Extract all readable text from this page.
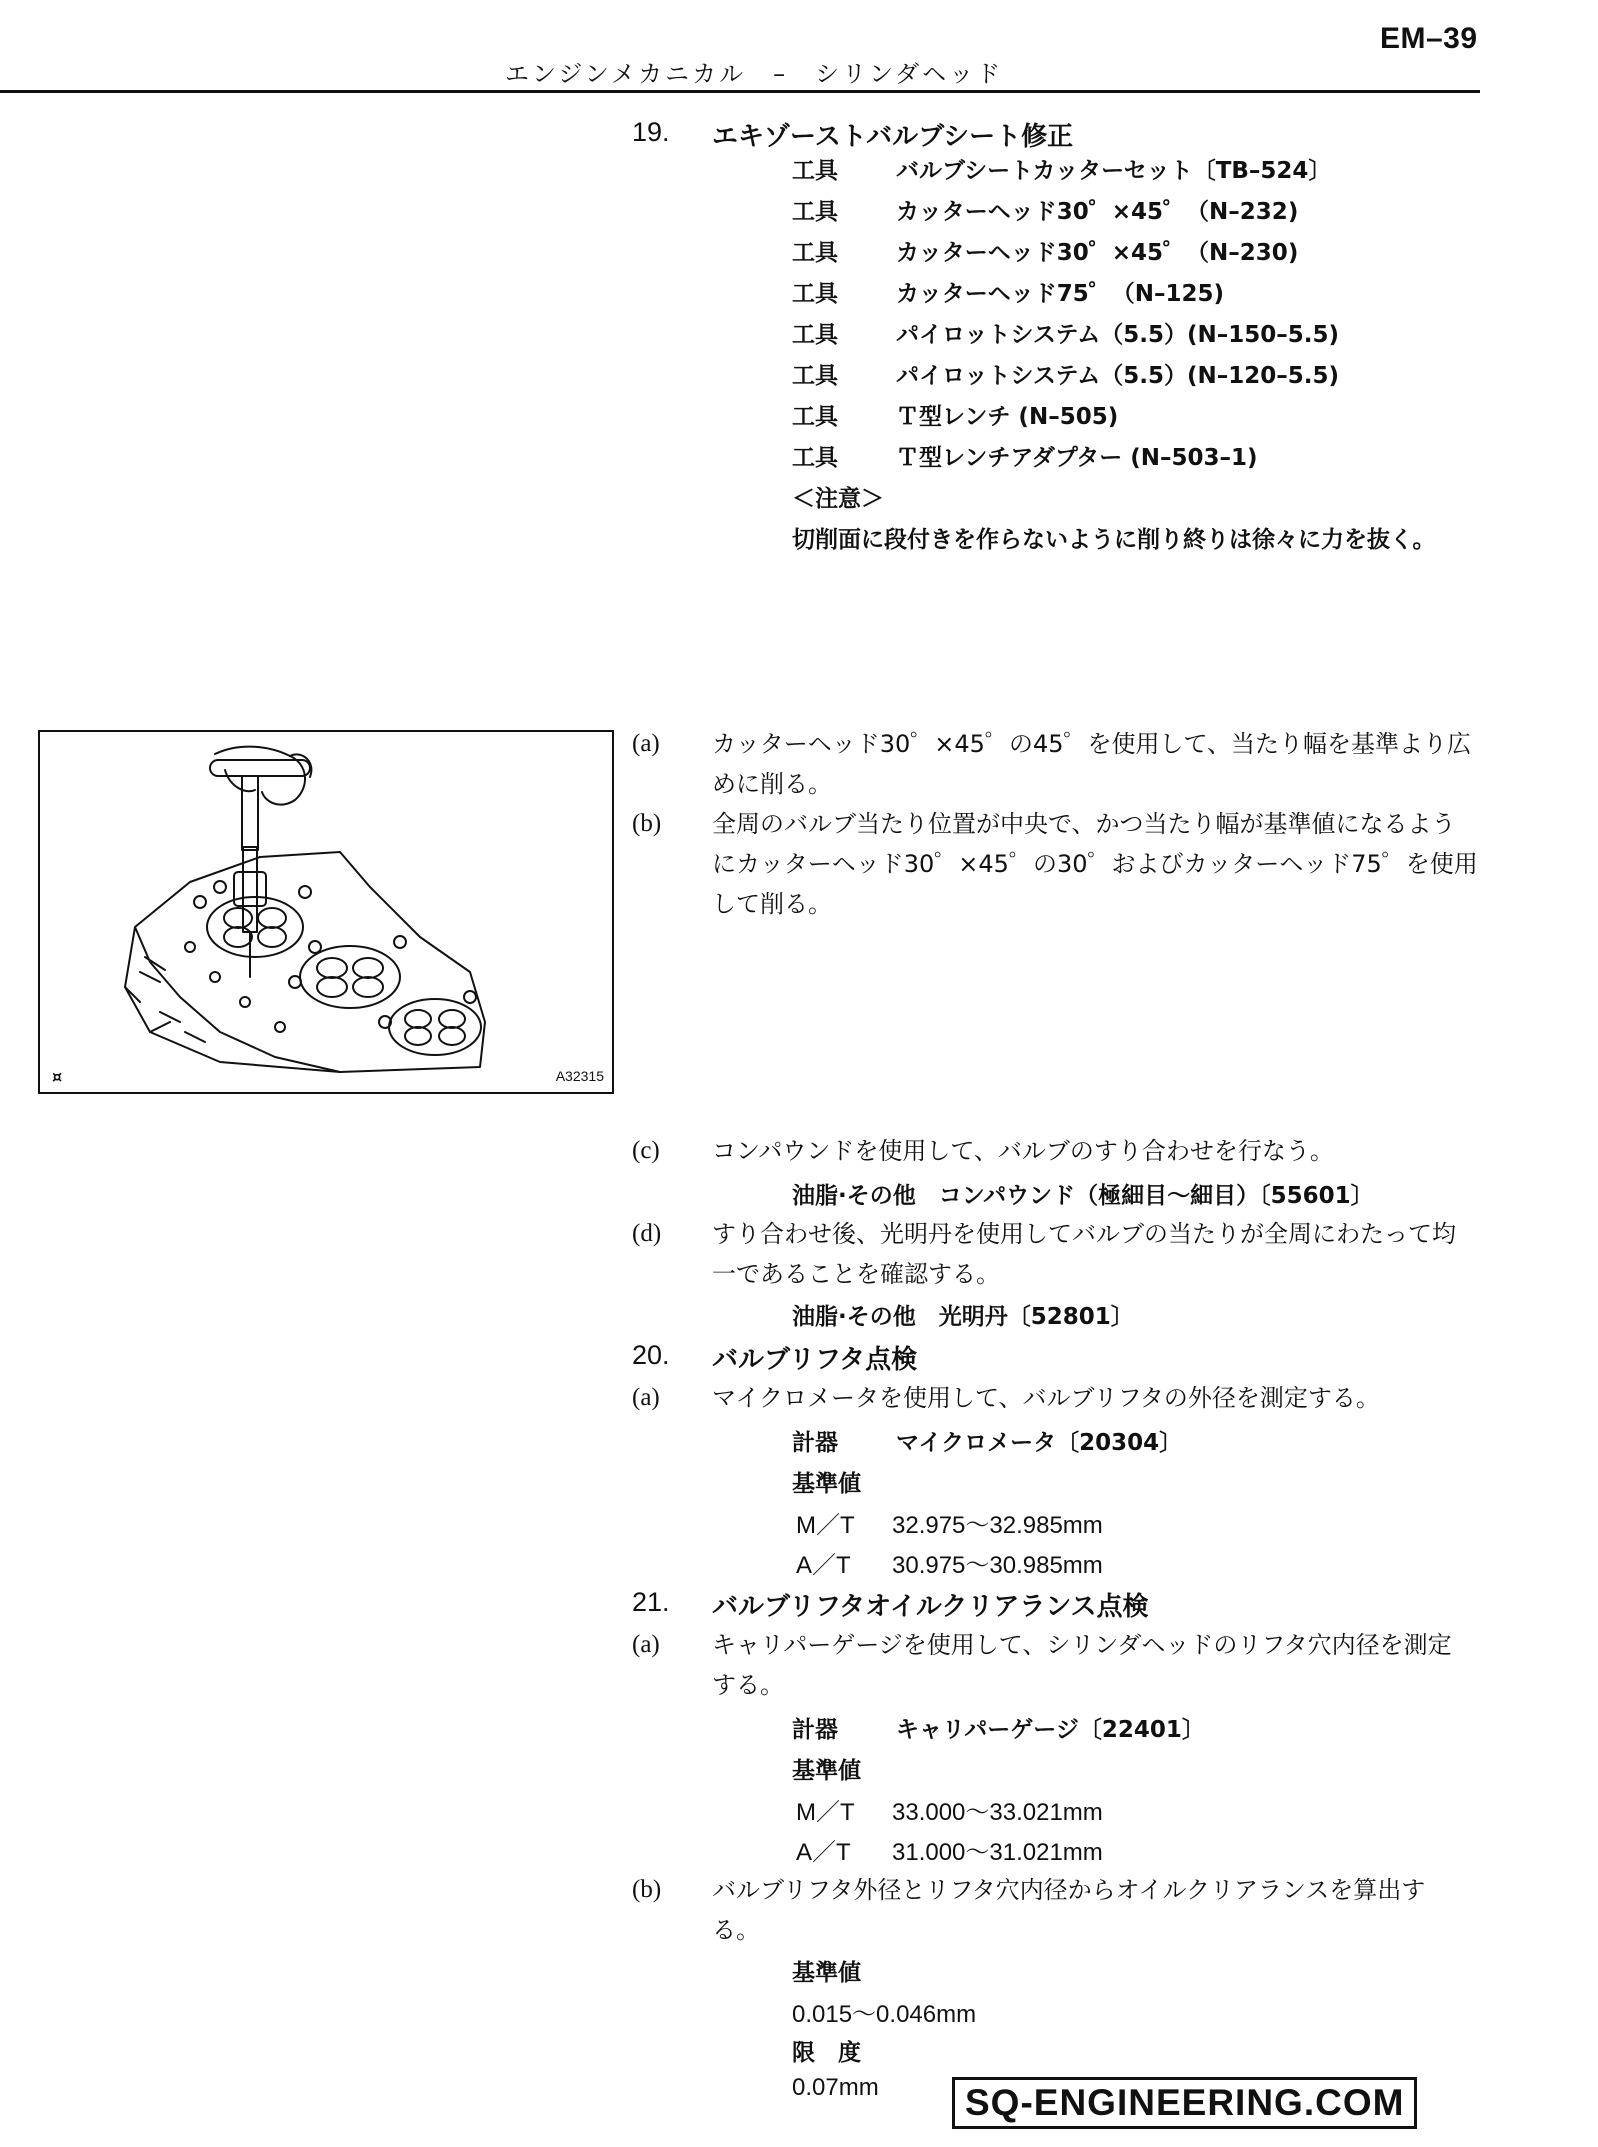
EM–39
エンジンメカニカル　–　シリンダヘッド
19. エキゾーストバルブシート修正
工具	バルブシートカッターセット〔TB–524〕
工具	カッターヘッド30゜×45゜（N–232)
工具	カッターヘッド30゜×45゜（N–230)
工具	カッターヘッド75゜（N–125)
工具	パイロットシステム（5.5）(N–150–5.5)
工具	パイロットシステム（5.5）(N–120–5.5)
工具	Ｔ型レンチ (N–505)
工具	Ｔ型レンチアダプター (N–503–1)
＜注意＞
切削面に段付きを作らないように削り終りは徐々に力を抜く。
¤	A32315
(a) カッターヘッド30゜×45゜の45゜を使用して、当たり幅を基準より広
めに削る。
(b) 全周のバルブ当たり位置が中央で、かつ当たり幅が基準値になるよう
にカッターヘッド30゜×45゜の30゜およびカッターヘッド75゜を使用
して削る。
(c) コンパウンドを使用して、バルブのすり合わせを行なう。
油脂·その他　コンパウンド（極細目〜細目）〔55601〕
(d) すり合わせ後、光明丹を使用してバルブの当たりが全周にわたって均
一であることを確認する。
油脂·その他　光明丹〔52801〕
20. バルブリフタ点検
(a) マイクロメータを使用して、バルブリフタの外径を測定する。
計器	マイクロメータ〔20304〕
基準値
M／T 32.975〜32.985mm
A／T 30.975〜30.985mm
21. バルブリフタオイルクリアランス点検
(a) キャリパーゲージを使用して、シリンダヘッドのリフタ穴内径を測定
する。
計器	キャリパーゲージ〔22401〕
基準値
M／T 33.000〜33.021mm
A／T 31.000〜31.021mm
(b) バルブリフタ外径とリフタ穴内径からオイルクリアランスを算出す
る。
基準値
0.015〜0.046mm
限　度
0.07mm	SQ-ENGINEERING.COM
